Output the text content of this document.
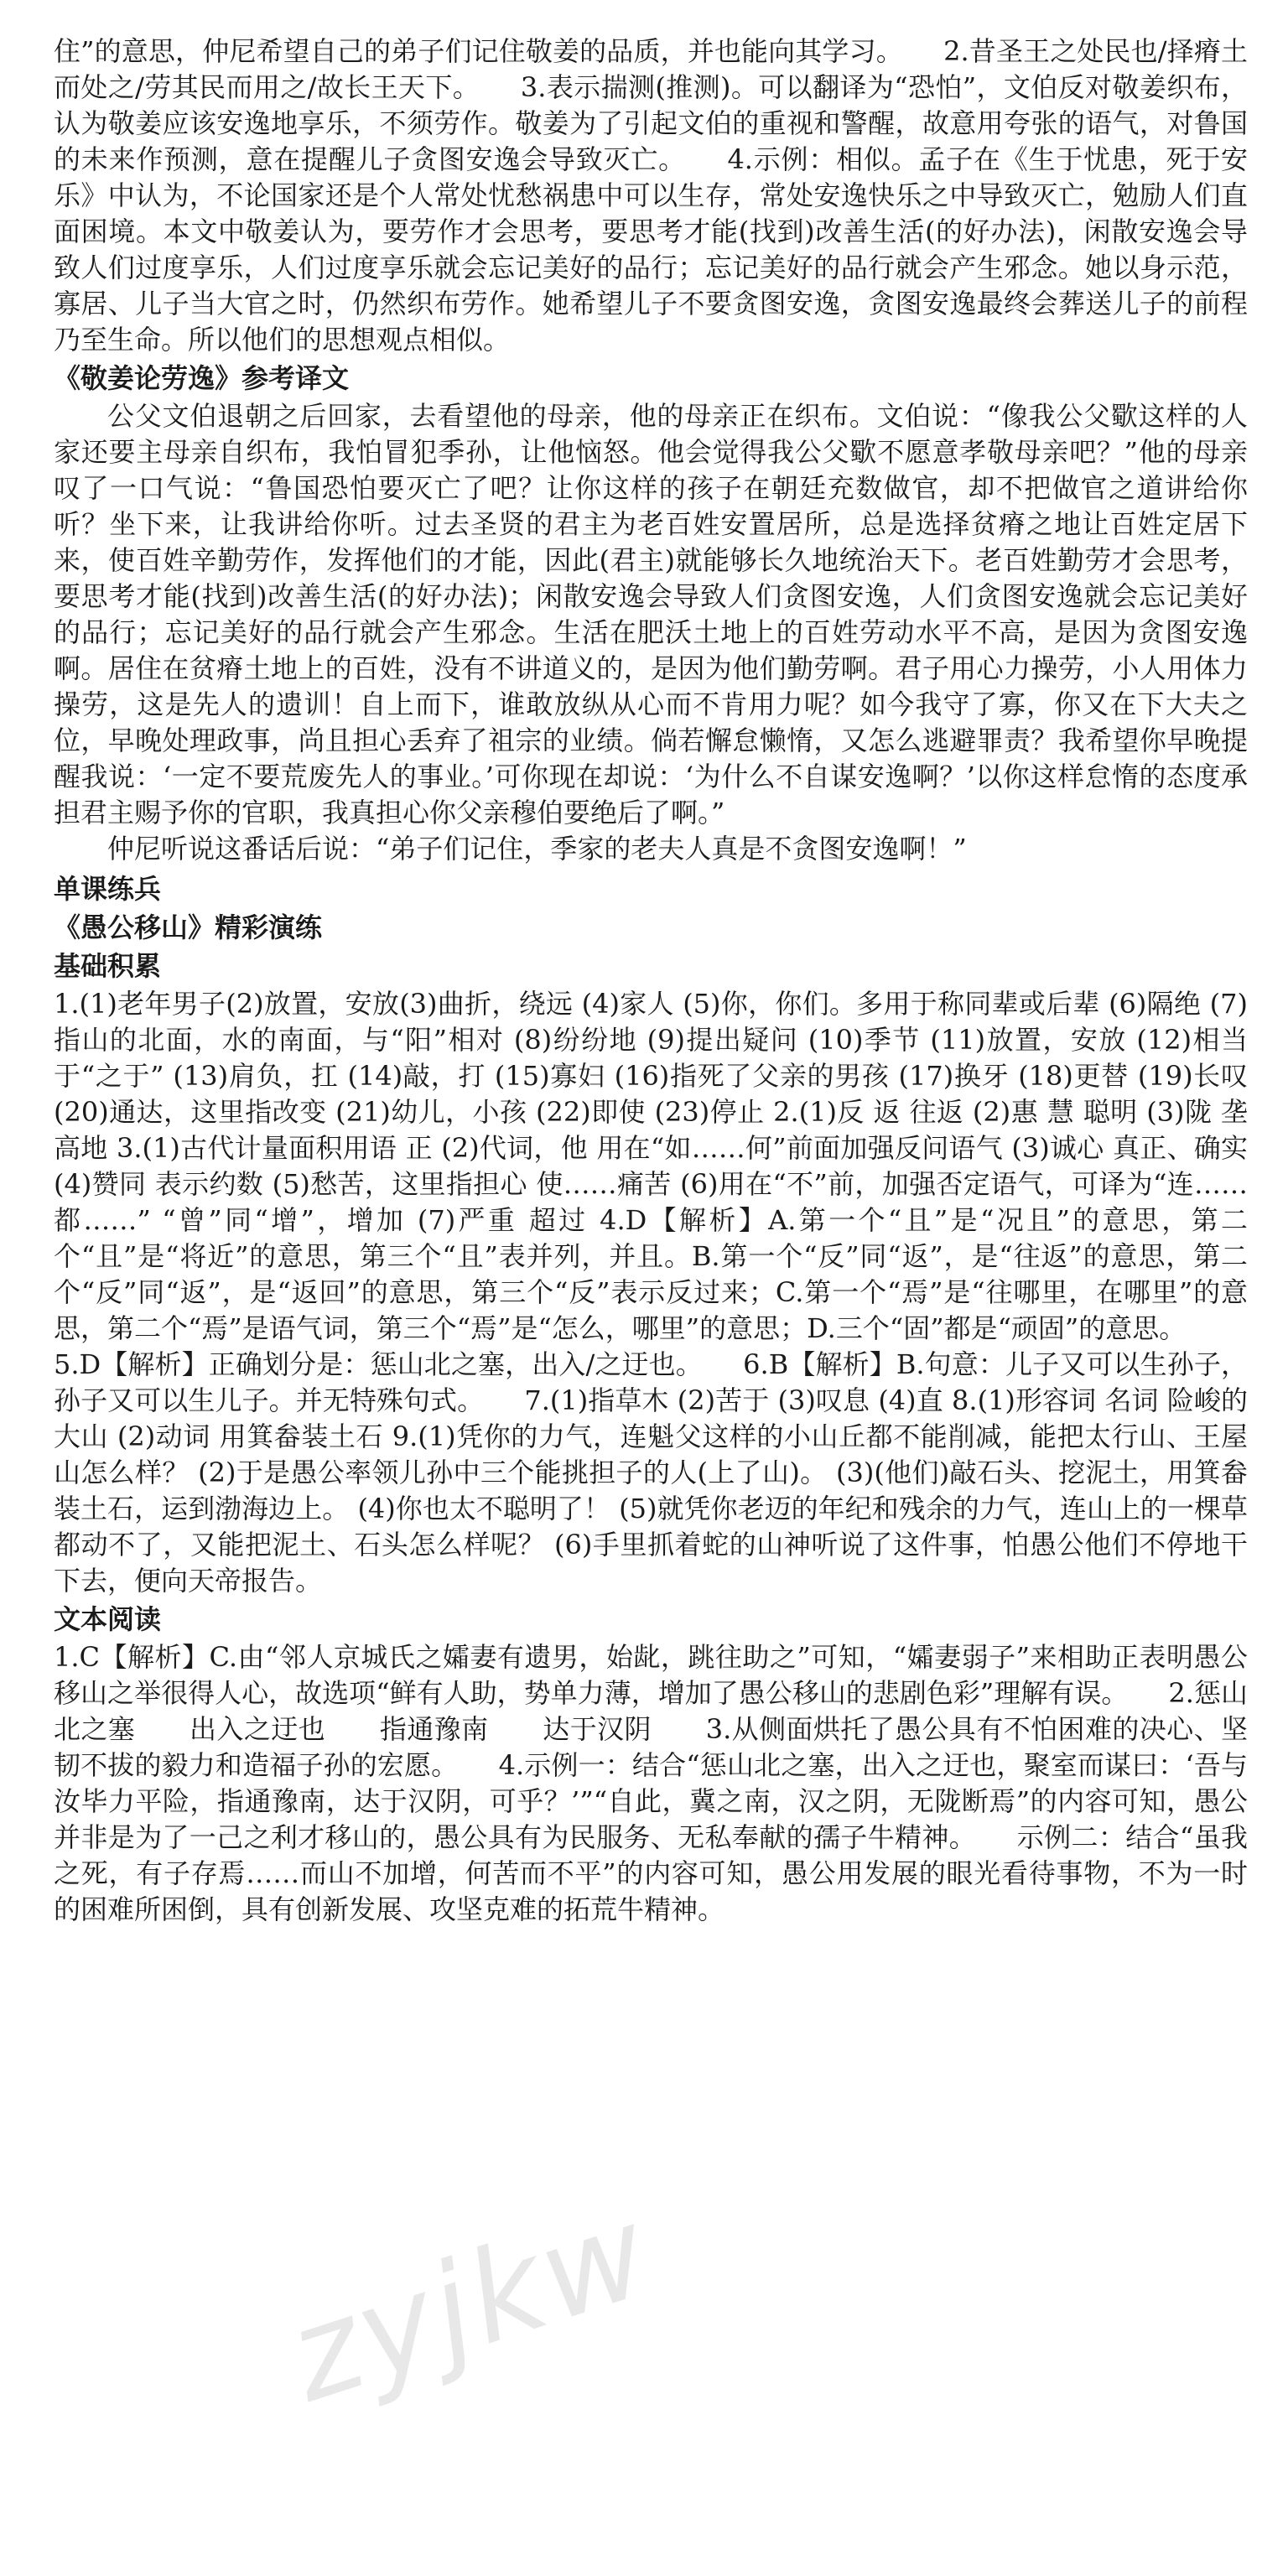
住”的意思，仲尼希望自己的弟子们记住敬姜的品质，并也能向其学习。　　2.昔圣王之处民也/择瘠土而处之/劳其民而用之/故长王天下。　　3.表示揣测(推测)。可以翻译为“恐怕”，文伯反对敬姜织布，认为敬姜应该安逸地享乐，不须劳作。敬姜为了引起文伯的重视和警醒，故意用夸张的语气，对鲁国的未来作预测，意在提醒儿子贪图安逸会导致灭亡。　　4.示例：相似。孟子在《生于忧患，死于安乐》中认为，不论国家还是个人常处忧愁祸患中可以生存，常处安逸快乐之中导致灭亡，勉励人们直面困境。本文中敬姜认为，要劳作才会思考，要思考才能(找到)改善生活(的好办法)，闲散安逸会导致人们过度享乐，人们过度享乐就会忘记美好的品行；忘记美好的品行就会产生邪念。她以身示范，寡居、儿子当大官之时，仍然织布劳作。她希望儿子不要贪图安逸，贪图安逸最终会葬送儿子的前程乃至生命。所以他们的思想观点相似。

《敬姜论劳逸》参考译文

公父文伯退朝之后回家，去看望他的母亲，他的母亲正在织布。文伯说：“像我公父歜这样的人家还要主母亲自织布，我怕冒犯季孙，让他恼怒。他会觉得我公父歜不愿意孝敬母亲吧？”他的母亲叹了一口气说：“鲁国恐怕要灭亡了吧？让你这样的孩子在朝廷充数做官，却不把做官之道讲给你听？坐下来，让我讲给你听。过去圣贤的君主为老百姓安置居所，总是选择贫瘠之地让百姓定居下来，使百姓辛勤劳作，发挥他们的才能，因此(君主)就能够长久地统治天下。老百姓勤劳才会思考，要思考才能(找到)改善生活(的好办法)；闲散安逸会导致人们贪图安逸，人们贪图安逸就会忘记美好的品行；忘记美好的品行就会产生邪念。生活在肥沃土地上的百姓劳动水平不高，是因为贪图安逸啊。居住在贫瘠土地上的百姓，没有不讲道义的，是因为他们勤劳啊。君子用心力操劳，小人用体力操劳，这是先人的遗训！自上而下，谁敢放纵从心而不肯用力呢？如今我守了寡，你又在下大夫之位，早晚处理政事，尚且担心丢弃了祖宗的业绩。倘若懈怠懒惰，又怎么逃避罪责？我希望你早晚提醒我说：‘一定不要荒废先人的事业。’可你现在却说：‘为什么不自谋安逸啊？’以你这样怠惰的态度承担君主赐予你的官职，我真担心你父亲穆伯要绝后了啊。”

仲尼听说这番话后说：“弟子们记住，季家的老夫人真是不贪图安逸啊！”

单课练兵
《愚公移山》精彩演练
基础积累

1.(1)老年男子(2)放置，安放(3)曲折，绕远 (4)家人 (5)你，你们。多用于称同辈或后辈 (6)隔绝 (7)指山的北面，水的南面，与“阳”相对 (8)纷纷地 (9)提出疑问 (10)季节 (11)放置，安放 (12)相当于“之于” (13)肩负，扛 (14)敲，打 (15)寡妇 (16)指死了父亲的男孩 (17)换牙 (18)更替 (19)长叹 (20)通达，这里指改变 (21)幼儿，小孩 (22)即使 (23)停止 2.(1)反 返 往返 (2)惠 慧 聪明 (3)陇 垄 高地 3.(1)古代计量面积用语 正 (2)代词，他 用在“如……何”前面加强反问语气 (3)诚心 真正、确实 (4)赞同 表示约数 (5)愁苦，这里指担心 使……痛苦 (6)用在“不”前，加强否定语气，可译为“连……都……” “曾”同“增”，增加 (7)严重 超过 4.D【解析】A.第一个“且”是“况且”的意思，第二个“且”是“将近”的意思，第三个“且”表并列，并且。B.第一个“反”同“返”，是“往返”的意思，第二个“反”同“返”，是“返回”的意思，第三个“反”表示反过来；C.第一个“焉”是“往哪里，在哪里”的意思，第二个“焉”是语气词，第三个“焉”是“怎么，哪里”的意思；D.三个“固”都是“顽固”的意思。

5.D【解析】正确划分是：惩山北之塞，出入/之迂也。　　6.B【解析】B.句意：儿子又可以生孙子，孙子又可以生儿子。并无特殊句式。　　7.(1)指草木 (2)苦于 (3)叹息 (4)直 8.(1)形容词 名词 险峻的大山 (2)动词 用箕畚装土石 9.(1)凭你的力气，连魁父这样的小山丘都不能削减，能把太行山、王屋山怎么样？ (2)于是愚公率领儿孙中三个能挑担子的人(上了山)。 (3)(他们)敲石头、挖泥土，用箕畚装土石，运到渤海边上。 (4)你也太不聪明了！ (5)就凭你老迈的年纪和残余的力气，连山上的一棵草都动不了，又能把泥土、石头怎么样呢？ (6)手里抓着蛇的山神听说了这件事，怕愚公他们不停地干下去，便向天帝报告。

文本阅读

1.C【解析】C.由“邻人京城氏之孀妻有遗男，始龀，跳往助之”可知，“孀妻弱子”来相助正表明愚公移山之举很得人心，故选项“鲜有人助，势单力薄，增加了愚公移山的悲剧色彩”理解有误。　　2.惩山北之塞　　出入之迂也　　指通豫南　　达于汉阴　　3.从侧面烘托了愚公具有不怕困难的决心、坚韧不拔的毅力和造福子孙的宏愿。　　4.示例一：结合“惩山北之塞，出入之迂也，聚室而谋曰：‘吾与汝毕力平险，指通豫南，达于汉阴，可乎？’”“自此，冀之南，汉之阴，无陇断焉”的内容可知，愚公并非是为了一己之利才移山的，愚公具有为民服务、无私奉献的孺子牛精神。　　示例二：结合“虽我之死，有子存焉……而山不加增，何苦而不平”的内容可知，愚公用发展的眼光看待事物，不为一时的困难所困倒，具有创新发展、攻坚克难的拓荒牛精神。

zyjkw
